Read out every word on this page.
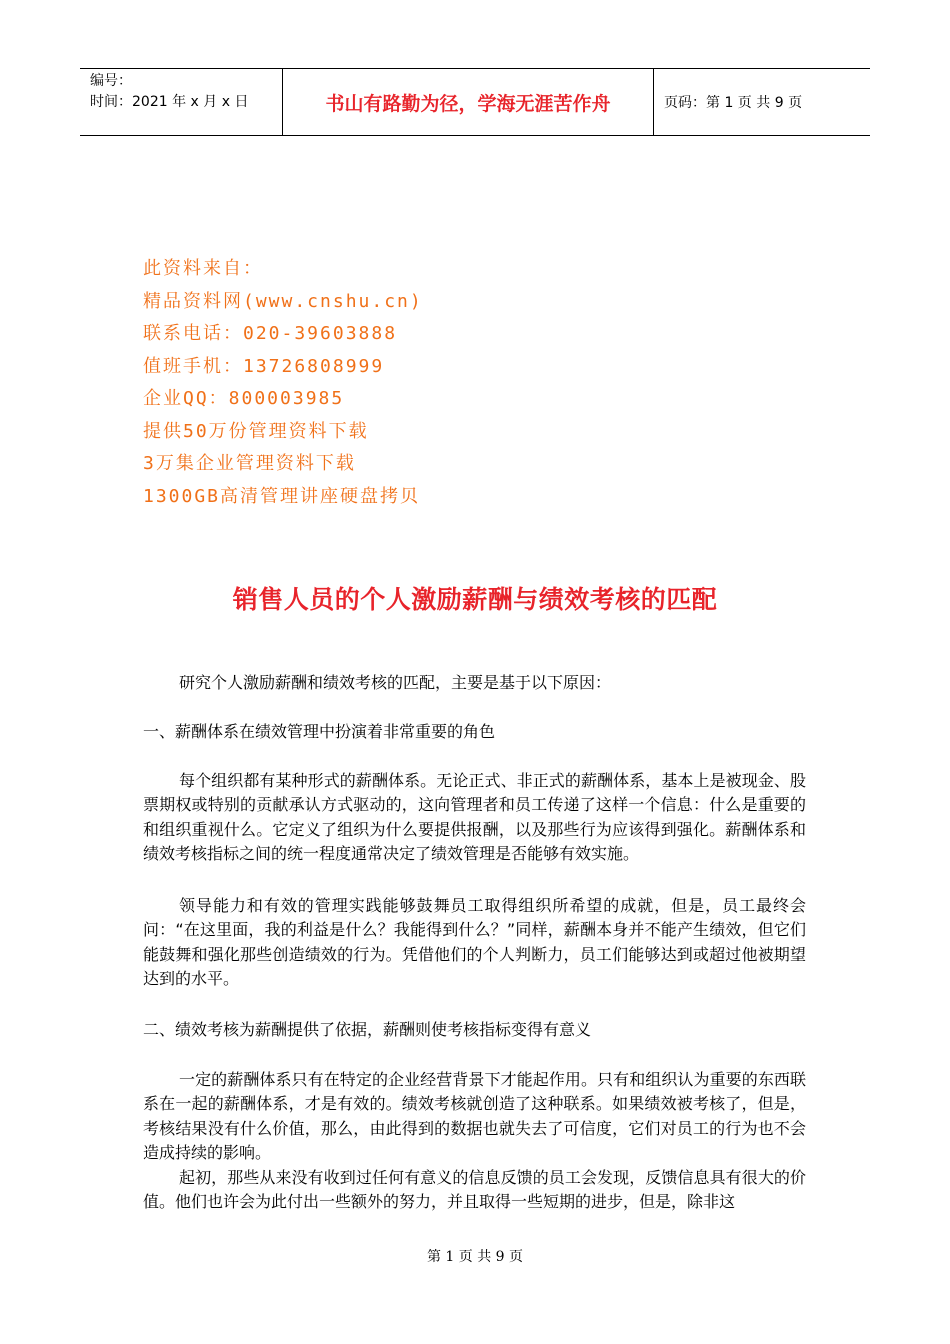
编号：
时间：2021 年 x 月 x 日	书山有路勤为径，学海无涯苦作舟	页码：第 1 页 共 9 页
此资料来自：
精品资料网(www.cnshu.cn)
联系电话：020-39603888
值班手机：13726808999
企业QQ：800003985
提供50万份管理资料下载
3万集企业管理资料下载
1300GB高清管理讲座硬盘拷贝
销售人员的个人激励薪酬与绩效考核的匹配
研究个人激励薪酬和绩效考核的匹配，主要是基于以下原因：
一、薪酬体系在绩效管理中扮演着非常重要的角色
每个组织都有某种形式的薪酬体系。无论正式、非正式的薪酬体系，基本上是被现金、股票期权或特别的贡献承认方式驱动的，这向管理者和员工传递了这样一个信息：什么是重要的和组织重视什么。它定义了组织为什么要提供报酬，以及那些行为应该得到强化。薪酬体系和绩效考核指标之间的统一程度通常决定了绩效管理是否能够有效实施。
领导能力和有效的管理实践能够鼓舞员工取得组织所希望的成就，但是，员工最终会问：“在这里面，我的利益是什么？我能得到什么？”同样，薪酬本身并不能产生绩效，但它们能鼓舞和强化那些创造绩效的行为。凭借他们的个人判断力，员工们能够达到或超过他被期望达到的水平。
二、绩效考核为薪酬提供了依据，薪酬则使考核指标变得有意义
一定的薪酬体系只有在特定的企业经营背景下才能起作用。只有和组织认为重要的东西联系在一起的薪酬体系，才是有效的。绩效考核就创造了这种联系。如果绩效被考核了，但是，考核结果没有什么价值，那么，由此得到的数据也就失去了可信度，它们对员工的行为也不会造成持续的影响。
起初，那些从来没有收到过任何有意义的信息反馈的员工会发现，反馈信息具有很大的价值。他们也许会为此付出一些额外的努力，并且取得一些短期的进步，但是，除非这
第 1 页 共 9 页
